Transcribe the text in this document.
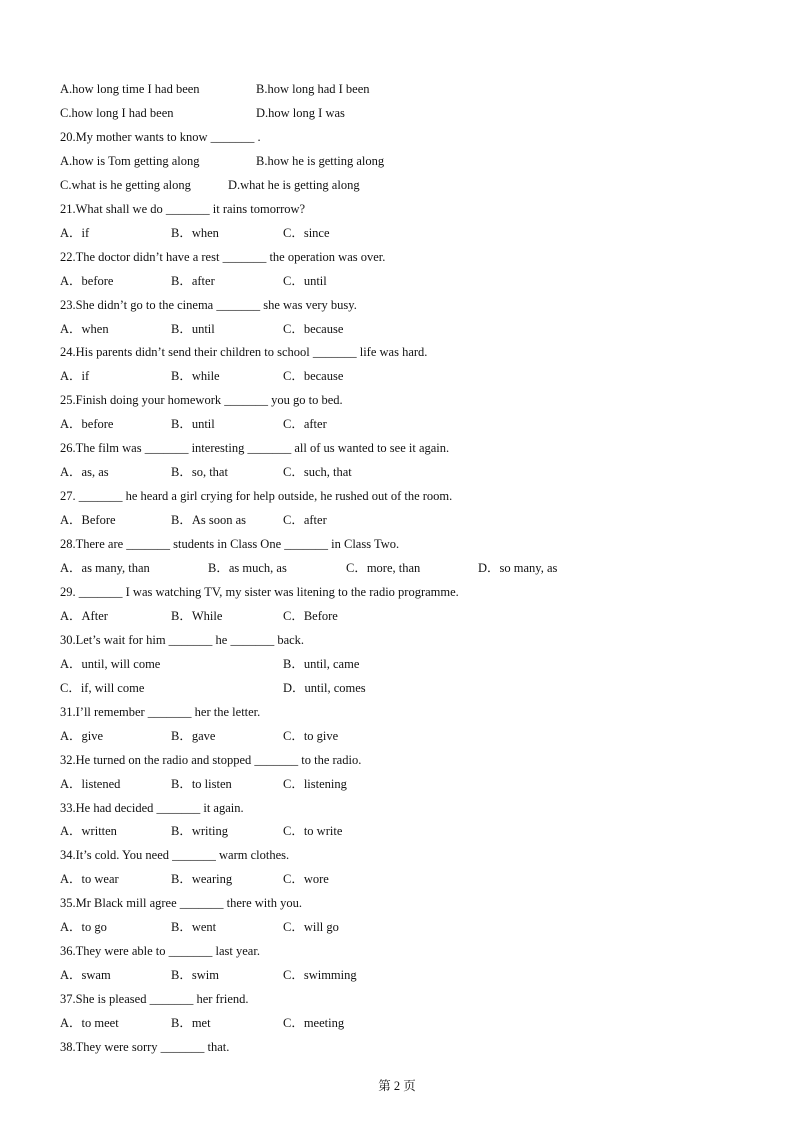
A.how long time I had been	B.how long had I been
C.how long I had been	D.how long I was
20.My mother wants to know _______ .
A.how is Tom getting along	B.how he is getting along
C.what is he getting along	D.what he is getting along
21.What shall we do _______ it rains tomorrow?
A．if	B．when	C．since
22.The doctor didn’t have a rest _______ the operation was over.
A．before	B．after	C．until
23.She didn’t go to the cinema _______ she was very busy.
A．when	B．until	C．because
24.His parents didn’t send their children to school _______ life was hard.
A．if	B．while	C．because
25.Finish doing your homework _______ you go to bed.
A．before	B．until	C．after
26.The film was _______ interesting _______ all of us wanted to see it again.
A．as, as	B．so, that	C．such, that
27. _______ he heard a girl crying for help outside, he rushed out of the room.
A．Before	B．As soon as	C．after
28.There are _______ students in Class One _______ in Class Two.
A．as many, than	B．as much, as	C．more, than	D．so many, as
29. _______ I was watching TV, my sister was litening to the radio programme.
A．After	B．While	C．Before
30.Let’s wait for him _______ he _______ back.
A．until, will come	B．until, came
C．if, will come	D．until, comes
31.I’ll remember _______ her the letter.
A．give	B．gave	C．to give
32.He turned on the radio and stopped _______ to the radio.
A．listened	B．to listen	C．listening
33.He had decided _______ it again.
A．written	B．writing	C．to write
34.It’s cold. You need _______ warm clothes.
A．to wear	B．wearing	C．wore
35.Mr Black mill agree _______ there with you.
A．to go	B．went	C．will go
36.They were able to _______ last year.
A．swam	B．swim	C．swimming
37.She is pleased _______ her friend.
A．to meet	B．met	C．meeting
38.They were sorry _______ that.
第 2 页
